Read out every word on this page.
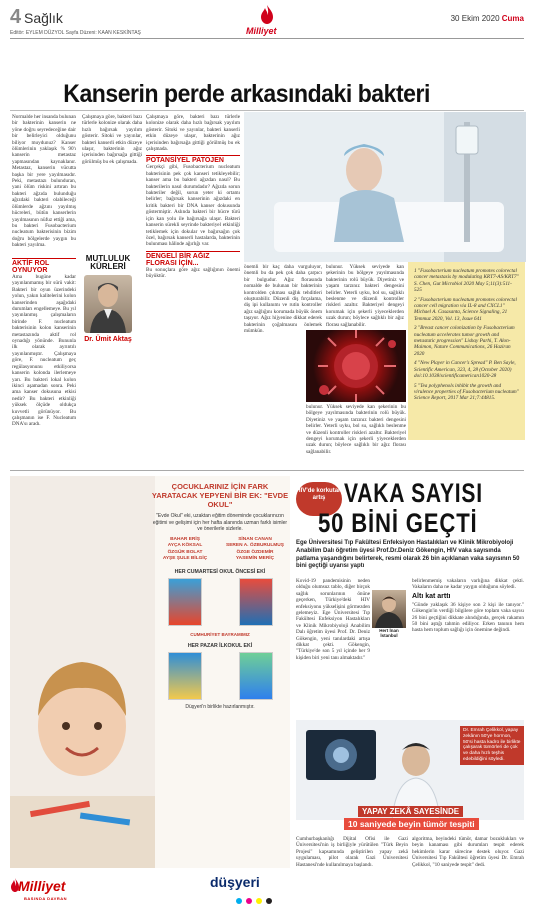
4 Sağlık
Milliyet
30 Ekim 2020 Cuma
Editör: EYLEM DÜZYOL Sayfa Düzeni: KAAN KESKİNTAŞ
Kanserin perde arkasındaki bakteri

Normalde her insanda bulunan bir bakterinin kanserin ne yöne doğru seyredeceğine dair bir belirleyici olduğunu biliyor muydunuz? Kanser ölümlerinin yaklaşık % 90'ı kanserin metastaz yapmasından kaynaklanır. Metastaz, kanserin vücutta başka bir yere yayılmasıdır. Peki, metastazı bulunduran, yani ölüm riskini artıran bu bakteri ağzıda bulunduğu ağızdaki bakteri olabileceği ölümlerde ağzını yayılmış hücreleri, bütün kanserlerin yayılmasının nüfuz ettiği ama, bu bakteri Fusobacterium nucleatum bakterisinin bizim doğru bölgelerde yaygın bu bakteri yayılma.

MUTLULUK KÜRLERİ
Dr. Ümit Aktaş
AKTİF ROL OYNUYOR

Ama bugüne kadar yayınlanmamış bir sürü vakit: Bakteri bir oyun üzerindeki yolun, yakın kalitelerini kolon kanserinden aşağıdaki durumları engellemeye. Bu yıl yayınlanmış çalışmaların birinde F. nucleatum bakterisinin kolon kanserinin metastazında aktif rol oynadığı yönünde. Bununla ilk olarak ayrıntılı yayınlanmıştır. Çalışmaya göre, F. nucleatum geç regülasyonunu etkiliyorsa kanserin kolonda ilerlemeye yarı. Bu bakteri lokal kolon ikinci aşamadan sonra. Peki ama kanser dokusuna etkisi nedir? Bu bakteri etkinliği yüksek ölçüde oldukça kuvvetli görünüyor. Bu çalışmanın ise F. Nucleatum DNA'sı aradı.

Çalışmaya göre, bakteri bazı türlerle kolonize olarak daha hızlı bağırsak yayılım gösterir. Sitoki ve yayınlar, bakteri kanserli etkin düzeye ulaşır, bakterinin ağız içerisinden bağırsağa gittiği görülmüş bu ek çalışmada.

Çalışmaya göre, bakteri bazı türlerle kolonize olarak daha hızlı bağırsak yayılım gösterir. Sitoki ve yayınlar, bakteri kanserli etkin düzeye ulaşır, bakterinin ağız içerisinden bağırsağa gittiği görülmüş bu ek çalışmada.

POTANSİYEL PATOJEN

Gerçekçi gibi, Fusobacterium nucleatum bakterisinin pek çok kanseri tetikleyebilir; kanser ama bu bakteri ağızdan nasıl? Bu bakterilerin nasıl durumdadır? Ağızda sorun bakteriler değil, sorun yeter ki ortamı belirler; bağırsak kanserinin ağızdaki en kritik bakteri bir DNA kanser dokusunda göstermiştir. Aslında bakteri bir hücre türü için kan yolu ile bağırsağa ulaşır. Bakteri kanserin sürekli seyrinde bakteriyel etkinliği tetiklemek için dokular ve bağırsağın çok özel, bağırsak kanserli hastalarda, bakterinin bulunması hâlinde ağırlığı var.

DENGELİ BİR AĞIZ FLORASI İÇİN...

Bu sonuçlara göre ağız sağlığının önemi büyüktür.

önemli bir kaç daha vurguluyor, önemli bu da pek çok daha çarpıcı bir bulgudur. Ağız florasında nomalde de bulunan bir bakterinin kontrolden çıkması sağlık tehditleri oluşturabilir. Düzenli diş fırçalama, diş ipi kullanımı ve rutin kontroller ağız sağlığını korumada büyük önem taşıyor. Ağız hijyenine dikkat ederek bakterinin çoğalmasını önlemek mümkün.

bulunur. Yüksek seviyede kan şekerinin bu bölgeye yayılmasında bakterinin rolü büyük. Diyetiniz ve yaşam tarzınız bakteri dengesini belirler. Yeterli uyku, bol su, sağlıklı beslenme ve düzenli kontroller riskleri azaltır. Bakteriyel dengeyi korumak için şekerli yiyeceklerden uzak durun; böylece sağlıklı bir ağız florası sağlanabilir.

bulunur. Yüksek seviyede kan şekerinin bu bölgeye yayılmasında bakterinin rolü büyük. Diyetiniz ve yaşam tarzınız bakteri dengesini belirler. Yeterli uyku, bol su, sağlıklı beslenme ve düzenli kontroller riskleri azaltır. Bakteriyel dengeyi korumak için şekerli yiyeceklerden uzak durun; böylece sağlıklı bir ağız florası sağlanabilir.

1 "Fusobacterium nucleatum promotes colorectal cancer metastasis by modulating KRT7-AS/KRT7" S. Chen, Gut Microbiol 2020 May 5;11(3):511-525
2 "Fusobacterium nucleatum promotes colorectal cancer cell migration via IL-8 and CXCL1" Michael A. Casasanta, Science Signaling, 21 Temmuz 2020, Vol. 13, Issue 641
3 "Breast cancer colonization by Fusobacterium nucleatum accelerates tumor growth and metastatic progression" Lishay Parhi, T. Alon-Maimon, Nature Communications, 26 Haziran 2020
4 "New Player in Cancer's Spread" P. Ben Sayle, Scientific American, 323, 4, 28 (October 2020) doi:10.1038/scientificamerican1020-28
5 "Tea polyphenols inhibit the growth and virulence properties of Fusobacterium nucleatum" Science Report, 2017 Mar 21;7:44815.
ÇOCUKLARINIZ İÇİN FARK YARATACAK YEPYENİ BİR EK: "EVDE OKUL"
"Evde Okul" eki, uzaktan eğitim döneminde çocuklarınızın eğitimi ve gelişimi için her hafta alanında uzman farklı isimler ve önerilerle sizlerle.
BAHAR ERİŞ	SİNAN CANAN
AYÇA KÖKSAL	SEREN A. ÖZBURULMUŞ
ÖZGÜR BOLAT	ÖZGE ÖZDEMİR
AYŞE ŞULE BİLGİÇ	YASEMİN MERİÇ
HER CUMARTESİ OKUL ÖNCESİ EKİ
CUMHURİYET BAYRAMIMIZ
HER PAZAR İLKOKUL EKİ
Düşyeri'n birlikte hazırlanmıştır.
HIV'de korkutan artış VAKA SAYISI
50 BİNİ GEÇTİ
Ege Üniversitesi Tıp Fakültesi Enfeksiyon Hastalıkları ve Klinik Mikrobiyoloji Anabilim Dalı öğretim üyesi Prof.Dr.Deniz Gökengin, HIV vaka sayısında patlama yaşandığını belirterek, resmi olarak 26 bin açıklanan vaka sayısının 50 bini geçtiği uyarısı yaptı

Kovid-19 pandemisinin neden olduğu olumsuz tablo, diğer birçok sağlık sorunlarının önüne geçerken, Türkiye'deki HIV enfeksiyonu yükselişini görmezden gelemeyiz. Ege Üniversitesi Tıp Fakültesi Enfeksiyon Hastalıkları ve Klinik Mikrobiyoloji Anabilim Dalı öğretim üyesi Prof. Dr. Deniz Gökengin, yeni tanılardaki artışa dikkat çekti. Gökengin, "Türkiye'de son 5 yıl içinde her 9 kişiden biri yeni tanı almaktadır."

Hert İnan İstanbul

belirlenmemiş vakaların varlığına dikkat çekti. Vakaların daha ne kadar yaygın olduğunu söyledi.

Altı kat arttı

"Günde yaklaşık 36 kişiye son 2 kişi ile tanıyor." Gökengin'in verdiği bilgilere göre toplam vaka sayısı 26 bini geçtiğini dikkate alındığında, gerçek rakamın 50 bini aştığı tahmin ediliyor. Erken tanının hem hasta hem toplum sağlığı için önemine değindi.

Dr. Emrah Çelikkol, yapay zekânın 50'ye hormon, 50'si hasta kadro ile birlikte çalışarak tümörleri de çok ve daha hızlı teşhis edebildiğini söyledi.
YAPAY ZEKÂ SAYESİNDE
10 saniyede beyin tümör tespiti

Cumhurbaşkanlığı Dijital Ofisi ile Gazi Üniversitesi'nin iş birliğiyle yürütülen "Türk Beyin Projesi" kapsamında geliştirilen yapay zekâ uygulaması, pilot olarak Gazi Üniversitesi Hastanesi'nde kullanılmaya başlandı.

algoritma, beyindeki tümör, damar bozuklukları ve beyin kanaması gibi durumları tespit ederek hekimlerin karar sürecine destek oluyor. Gazi Üniversitesi Tıp Fakültesi öğretim üyesi Dr. Emrah Çelikkol, "10 saniyede tespit" dedi.

Milliyet
BASINDA DAVRAN
düşyeri
